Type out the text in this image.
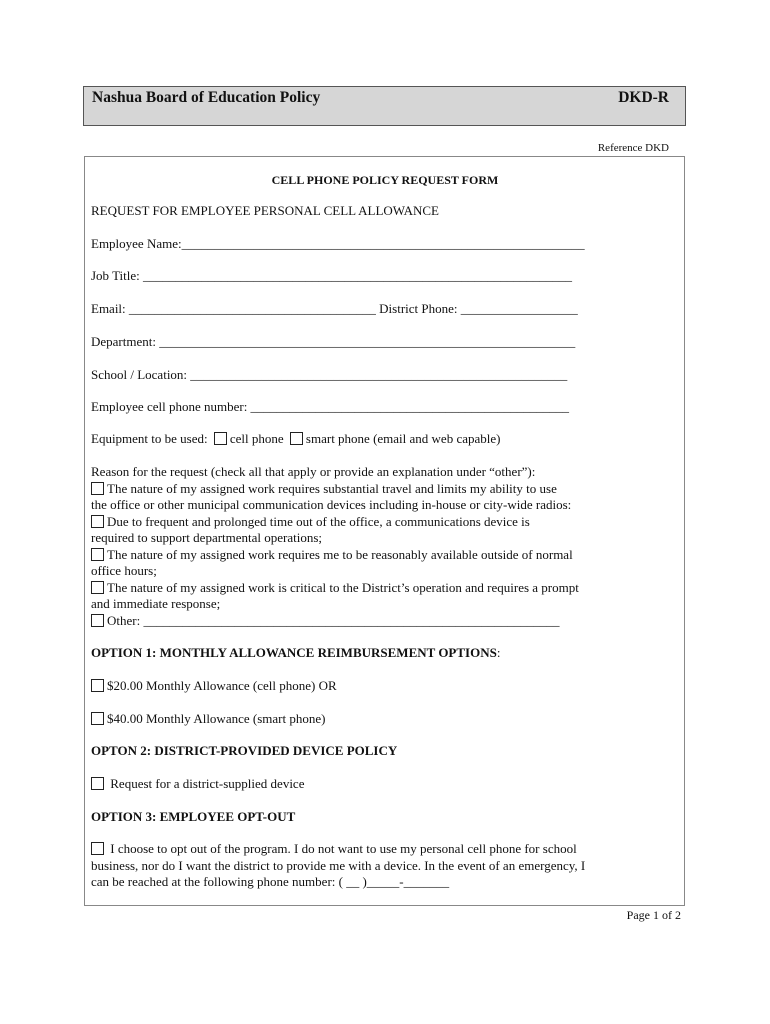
Nashua Board of Education Policy	DKD-R
Reference DKD
CELL PHONE POLICY REQUEST FORM
REQUEST FOR EMPLOYEE PERSONAL CELL ALLOWANCE
Employee Name:______________________________________________________________
Job Title: __________________________________________________________________
Email: ______________________________________ District Phone: __________________
Department: ________________________________________________________________
School / Location: __________________________________________________________
Employee cell phone number: _________________________________________________
Equipment to be used: cell phone smart phone (email and web capable)
Reason for the request (check all that apply or provide an explanation under “other”):
The nature of my assigned work requires substantial travel and limits my ability to use
the office or other municipal communication devices including in-house or city-wide radios:
Due to frequent and prolonged time out of the office, a communications device is
required to support departmental operations;
The nature of my assigned work requires me to be reasonably available outside of normal
office hours;
The nature of my assigned work is critical to the District’s operation and requires a prompt
and immediate response;
Other: ________________________________________________________________
OPTION 1: MONTHLY ALLOWANCE REIMBURSEMENT OPTIONS:
$20.00 Monthly Allowance (cell phone) OR
$40.00 Monthly Allowance (smart phone)
OPTON 2: DISTRICT-PROVIDED DEVICE POLICY
Request for a district-supplied device
OPTION 3: EMPLOYEE OPT-OUT
I choose to opt out of the program. I do not want to use my personal cell phone for school
business, nor do I want the district to provide me with a device. In the event of an emergency, I
can be reached at the following phone number: ( __ )_____-_______
Page 1 of 2
